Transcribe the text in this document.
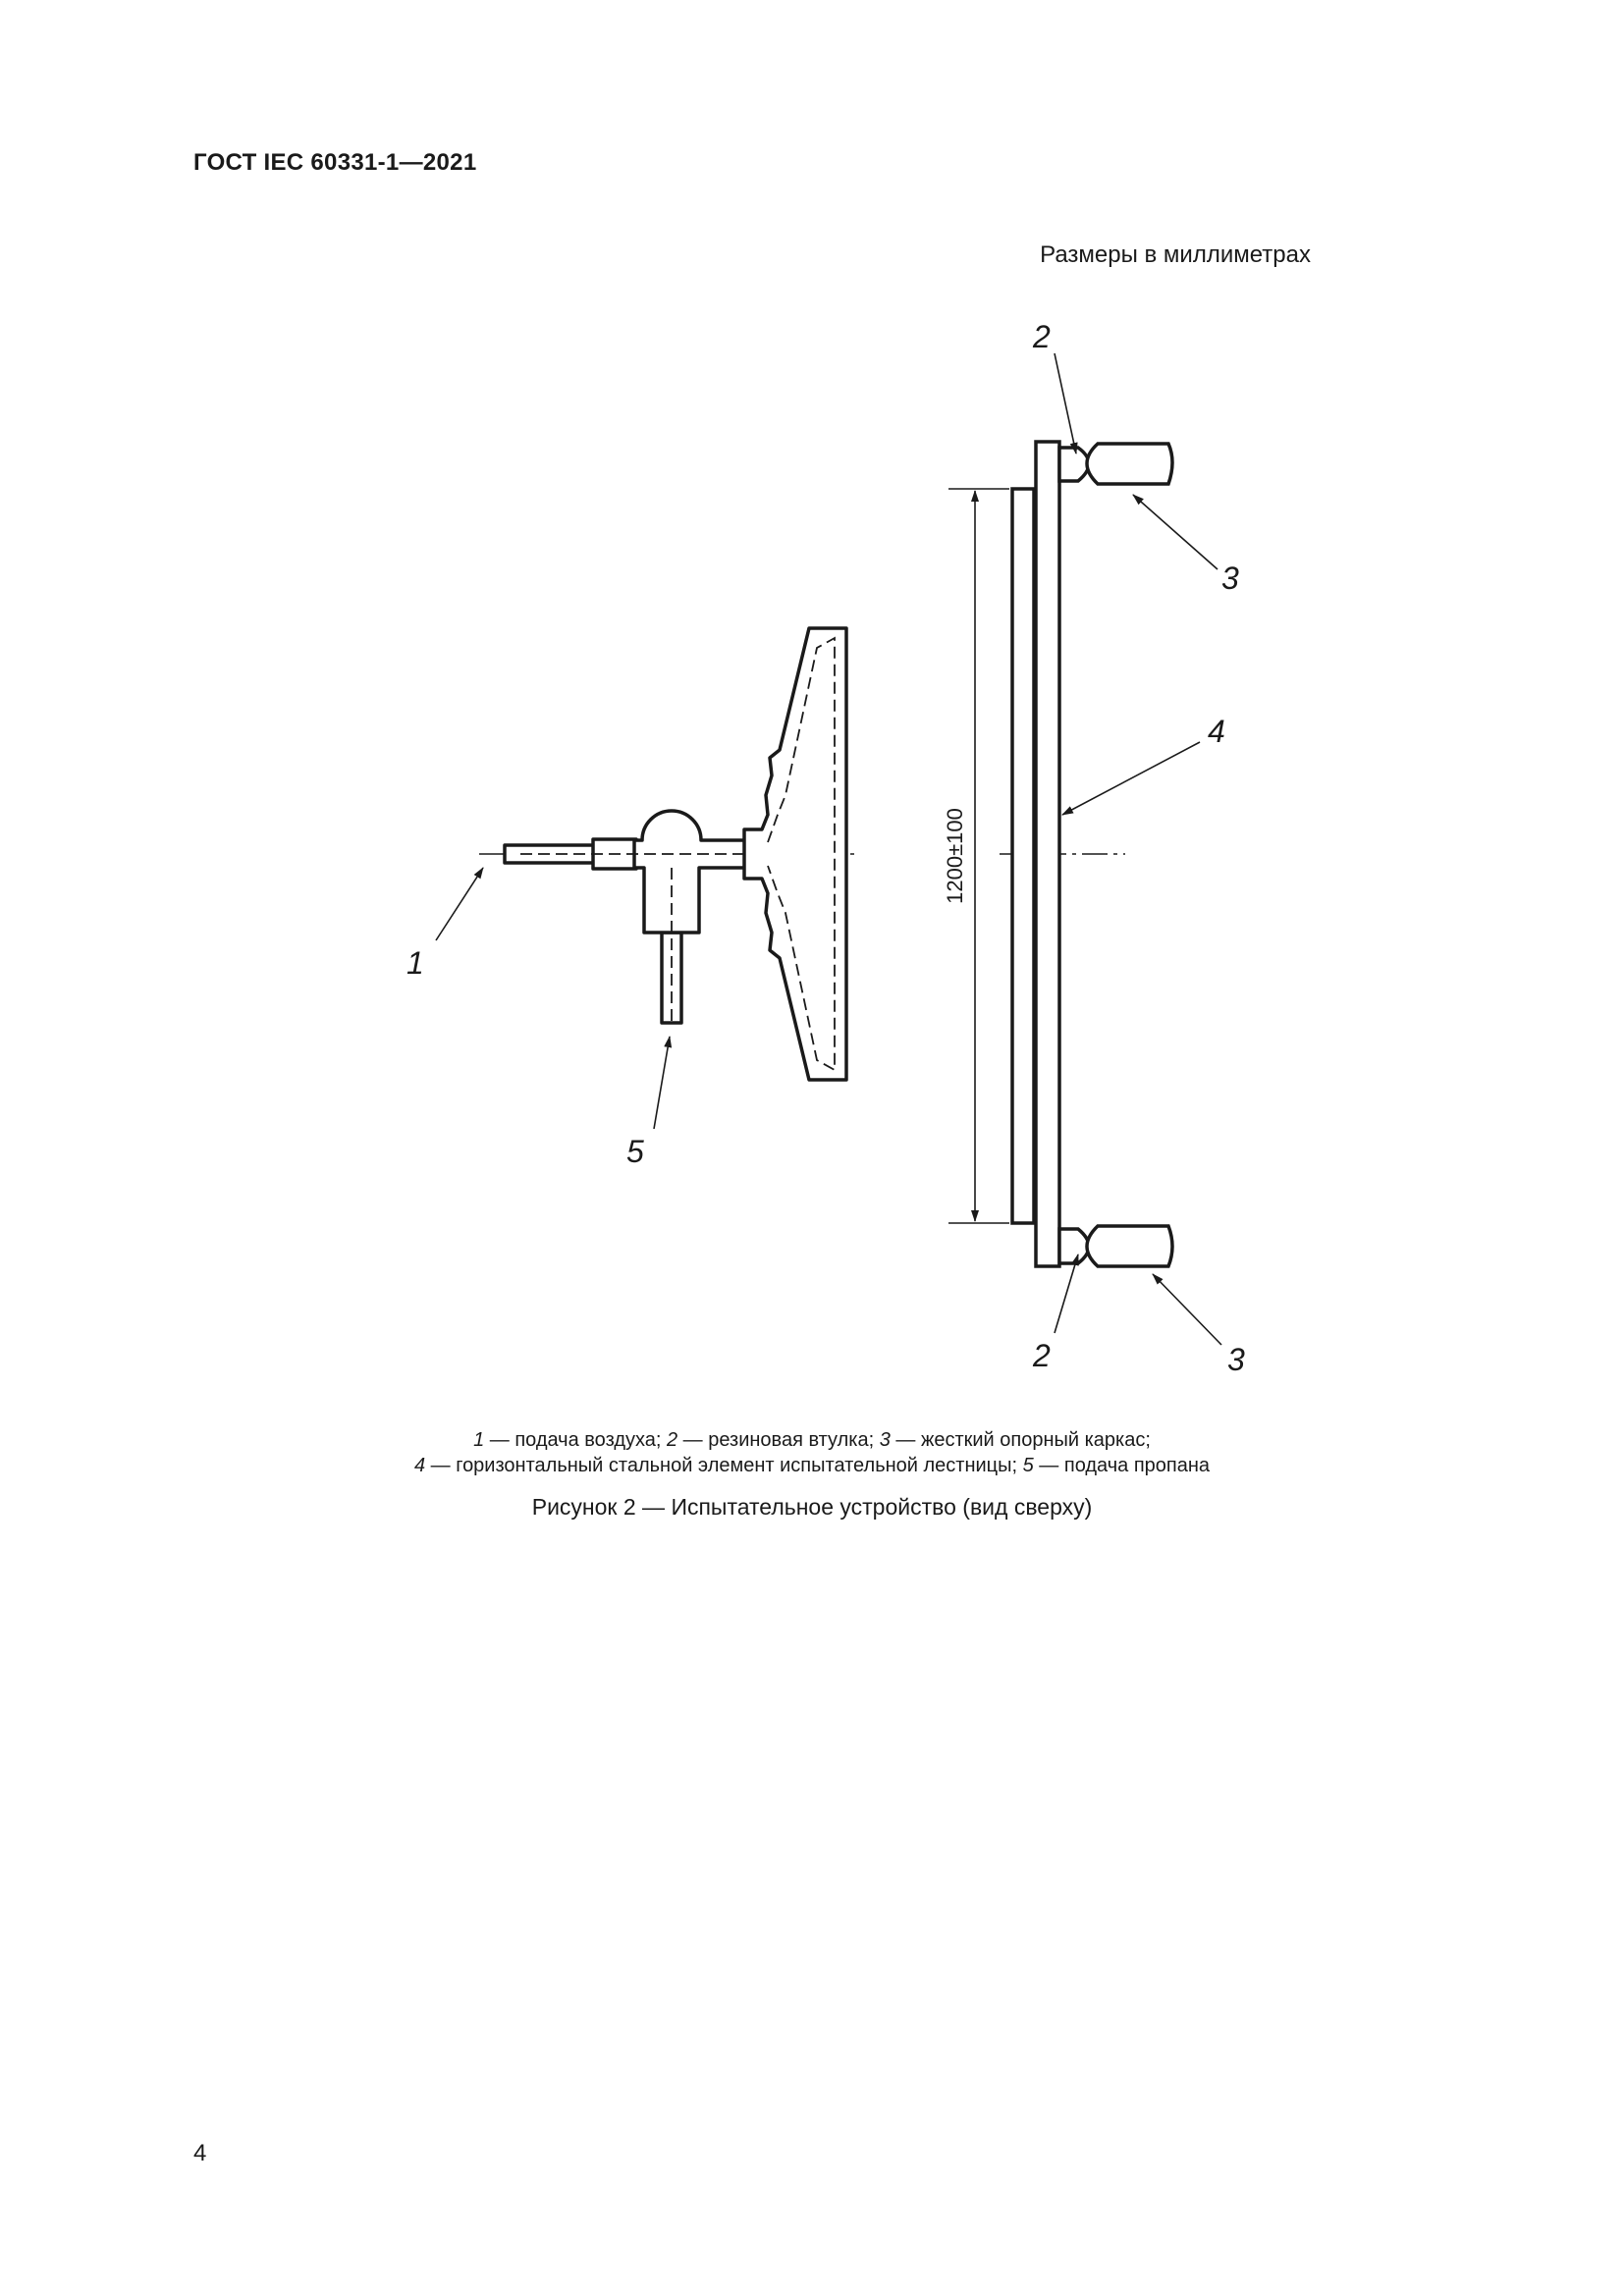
ГОСТ IEC 60331-1—2021
Размеры в миллиметрах
1200±100
1
5
2
3
4
2	3
1 — подача воздуха; 2 — резиновая втулка; 3 — жесткий опорный каркас;
4 — горизонтальный стальной элемент испытательной лестницы; 5 — подача пропана
Рисунок 2 — Испытательное устройство (вид сверху)
4
